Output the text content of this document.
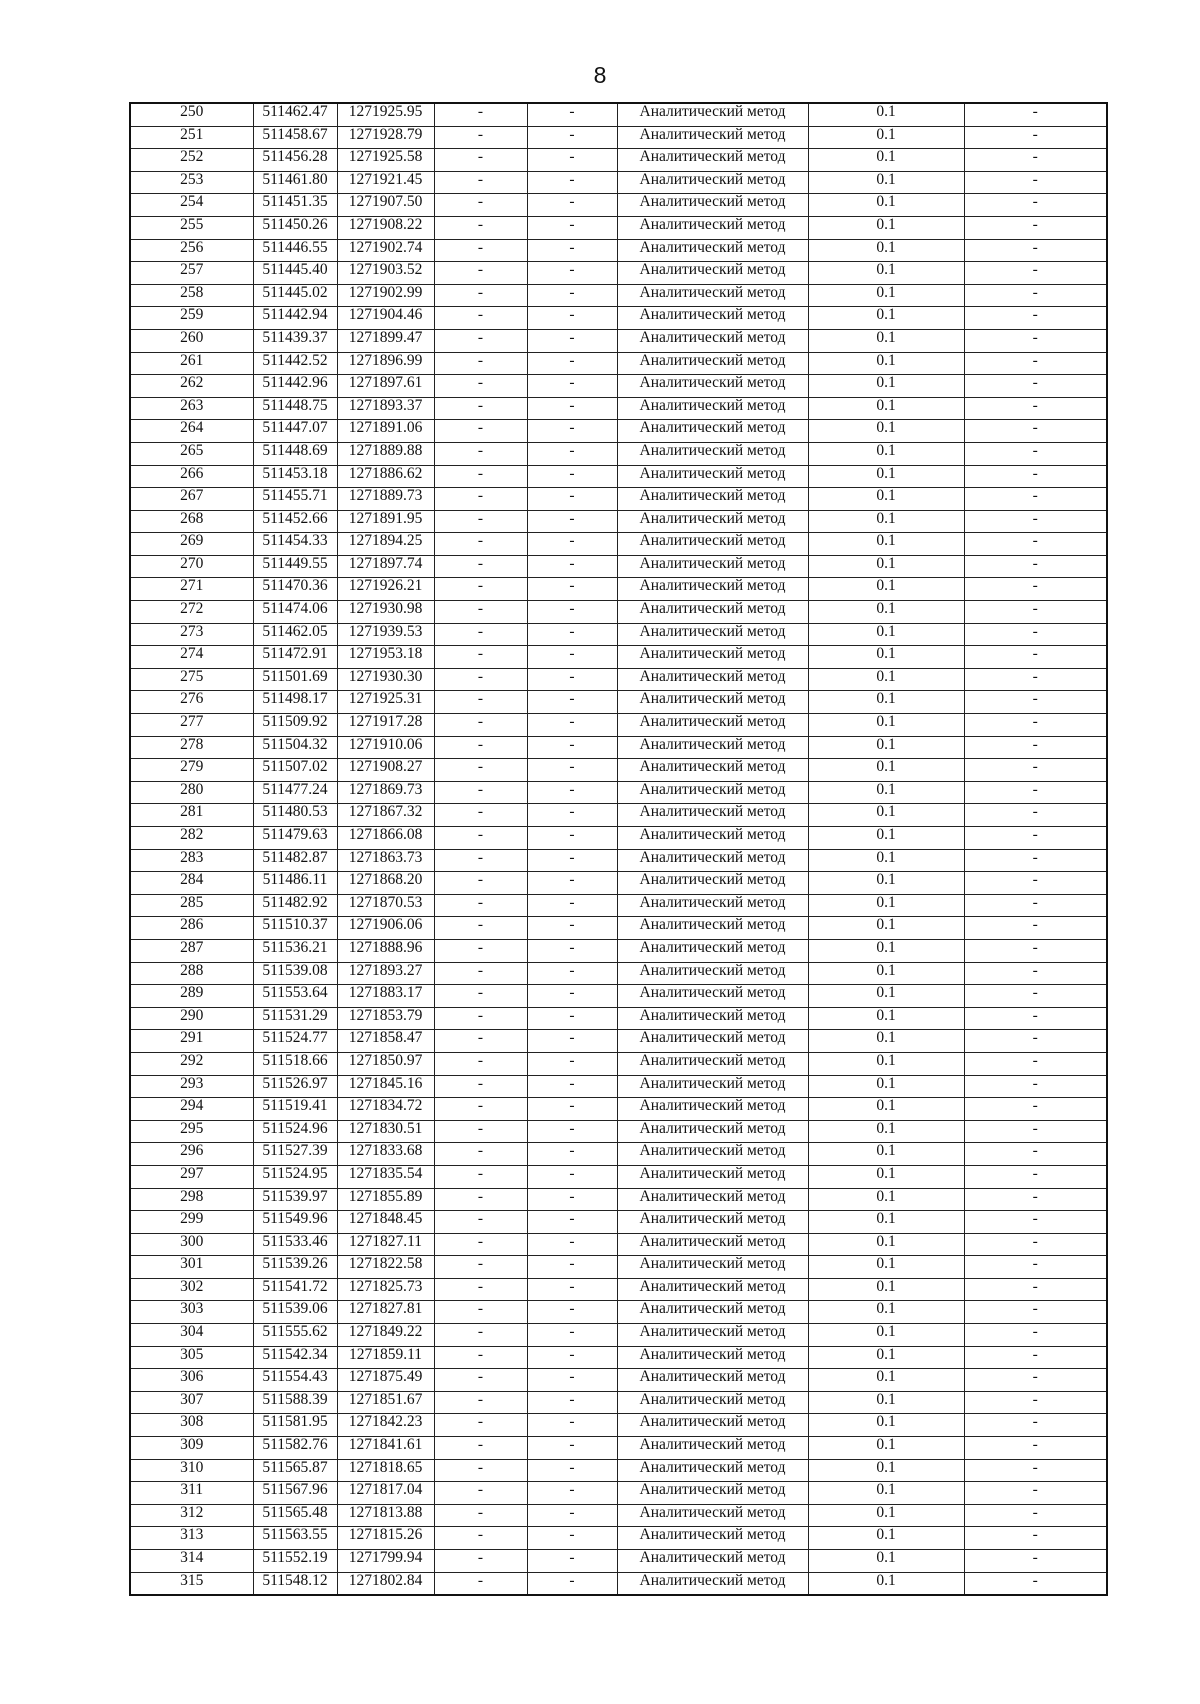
8
250	511462.47	1271925.95	-	-	Аналитический метод	0.1	-
251	511458.67	1271928.79	-	-	Аналитический метод	0.1	-
252	511456.28	1271925.58	-	-	Аналитический метод	0.1	-
253	511461.80	1271921.45	-	-	Аналитический метод	0.1	-
254	511451.35	1271907.50	-	-	Аналитический метод	0.1	-
255	511450.26	1271908.22	-	-	Аналитический метод	0.1	-
256	511446.55	1271902.74	-	-	Аналитический метод	0.1	-
257	511445.40	1271903.52	-	-	Аналитический метод	0.1	-
258	511445.02	1271902.99	-	-	Аналитический метод	0.1	-
259	511442.94	1271904.46	-	-	Аналитический метод	0.1	-
260	511439.37	1271899.47	-	-	Аналитический метод	0.1	-
261	511442.52	1271896.99	-	-	Аналитический метод	0.1	-
262	511442.96	1271897.61	-	-	Аналитический метод	0.1	-
263	511448.75	1271893.37	-	-	Аналитический метод	0.1	-
264	511447.07	1271891.06	-	-	Аналитический метод	0.1	-
265	511448.69	1271889.88	-	-	Аналитический метод	0.1	-
266	511453.18	1271886.62	-	-	Аналитический метод	0.1	-
267	511455.71	1271889.73	-	-	Аналитический метод	0.1	-
268	511452.66	1271891.95	-	-	Аналитический метод	0.1	-
269	511454.33	1271894.25	-	-	Аналитический метод	0.1	-
270	511449.55	1271897.74	-	-	Аналитический метод	0.1	-
271	511470.36	1271926.21	-	-	Аналитический метод	0.1	-
272	511474.06	1271930.98	-	-	Аналитический метод	0.1	-
273	511462.05	1271939.53	-	-	Аналитический метод	0.1	-
274	511472.91	1271953.18	-	-	Аналитический метод	0.1	-
275	511501.69	1271930.30	-	-	Аналитический метод	0.1	-
276	511498.17	1271925.31	-	-	Аналитический метод	0.1	-
277	511509.92	1271917.28	-	-	Аналитический метод	0.1	-
278	511504.32	1271910.06	-	-	Аналитический метод	0.1	-
279	511507.02	1271908.27	-	-	Аналитический метод	0.1	-
280	511477.24	1271869.73	-	-	Аналитический метод	0.1	-
281	511480.53	1271867.32	-	-	Аналитический метод	0.1	-
282	511479.63	1271866.08	-	-	Аналитический метод	0.1	-
283	511482.87	1271863.73	-	-	Аналитический метод	0.1	-
284	511486.11	1271868.20	-	-	Аналитический метод	0.1	-
285	511482.92	1271870.53	-	-	Аналитический метод	0.1	-
286	511510.37	1271906.06	-	-	Аналитический метод	0.1	-
287	511536.21	1271888.96	-	-	Аналитический метод	0.1	-
288	511539.08	1271893.27	-	-	Аналитический метод	0.1	-
289	511553.64	1271883.17	-	-	Аналитический метод	0.1	-
290	511531.29	1271853.79	-	-	Аналитический метод	0.1	-
291	511524.77	1271858.47	-	-	Аналитический метод	0.1	-
292	511518.66	1271850.97	-	-	Аналитический метод	0.1	-
293	511526.97	1271845.16	-	-	Аналитический метод	0.1	-
294	511519.41	1271834.72	-	-	Аналитический метод	0.1	-
295	511524.96	1271830.51	-	-	Аналитический метод	0.1	-
296	511527.39	1271833.68	-	-	Аналитический метод	0.1	-
297	511524.95	1271835.54	-	-	Аналитический метод	0.1	-
298	511539.97	1271855.89	-	-	Аналитический метод	0.1	-
299	511549.96	1271848.45	-	-	Аналитический метод	0.1	-
300	511533.46	1271827.11	-	-	Аналитический метод	0.1	-
301	511539.26	1271822.58	-	-	Аналитический метод	0.1	-
302	511541.72	1271825.73	-	-	Аналитический метод	0.1	-
303	511539.06	1271827.81	-	-	Аналитический метод	0.1	-
304	511555.62	1271849.22	-	-	Аналитический метод	0.1	-
305	511542.34	1271859.11	-	-	Аналитический метод	0.1	-
306	511554.43	1271875.49	-	-	Аналитический метод	0.1	-
307	511588.39	1271851.67	-	-	Аналитический метод	0.1	-
308	511581.95	1271842.23	-	-	Аналитический метод	0.1	-
309	511582.76	1271841.61	-	-	Аналитический метод	0.1	-
310	511565.87	1271818.65	-	-	Аналитический метод	0.1	-
311	511567.96	1271817.04	-	-	Аналитический метод	0.1	-
312	511565.48	1271813.88	-	-	Аналитический метод	0.1	-
313	511563.55	1271815.26	-	-	Аналитический метод	0.1	-
314	511552.19	1271799.94	-	-	Аналитический метод	0.1	-
315	511548.12	1271802.84	-	-	Аналитический метод	0.1	-
